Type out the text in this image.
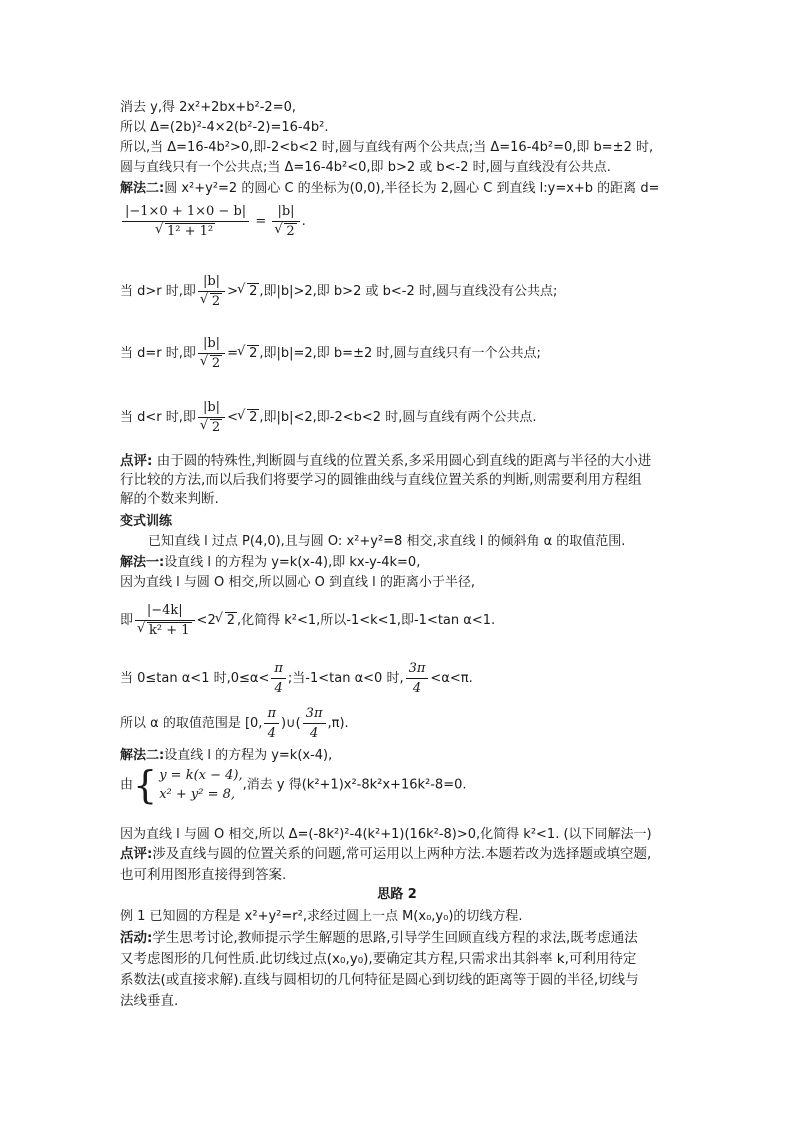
消去 y,得 2x²+2bx+b²-2=0,
所以 Δ=(2b)²-4×2(b²-2)=16-4b².
所以,当 Δ=16-4b²>0,即-2<b<2 时,圆与直线有两个公共点;当 Δ=16-4b²=0,即 b=±2 时,
圆与直线只有一个公共点;当 Δ=16-4b²<0,即 b>2 或 b<-2 时,圆与直线没有公共点.
解法二:圆 x²+y²=2 的圆心 C 的坐标为(0,0),半径长为 2,圆心 C 到直线 l:y=x+b 的距离 d=
|−1×0 + 1×0 − b|
√ 1² + 1² = |b|
√ 2 .
当 d>r 时,即 |b|
√ 2 > √ 2 ,即|b|>2,即 b>2 或 b<-2 时,圆与直线没有公共点;
当 d=r 时,即 |b|
√ 2 = √ 2 ,即|b|=2,即 b=±2 时,圆与直线只有一个公共点;
当 d<r 时,即 |b|
√ 2 < √ 2 ,即|b|<2,即-2<b<2 时,圆与直线有两个公共点.
点评: 由于圆的特殊性,判断圆与直线的位置关系,多采用圆心到直线的距离与半径的大小进
行比较的方法,而以后我们将要学习的圆锥曲线与直线位置关系的判断,则需要利用方程组
解的个数来判断.
变式训练
已知直线 l 过点 P(4,0),且与圆 O: x²+y²=8 相交,求直线 l 的倾斜角 α 的取值范围.
解法一:设直线 l 的方程为 y=k(x-4),即 kx-y-4k=0,
因为直线 l 与圆 O 相交,所以圆心 O 到直线 l 的距离小于半径,
即 |−4k|
√ k² + 1 <2 √ 2 ,化简得 k²<1,所以-1<k<1,即-1<tan α<1.
当 0≤tan α<1 时$,0\le\alpha< \frac{\pi}{4}$ ;当-1<tan α<0 时, $\frac{3\pi}{4} <\alpha<\pi$.
所以 α 的取值范围是 [0, $\frac{\pi}{4}$ )∪( $\frac{3\pi}{4} ,\pi$).
解法二:设直线 l 的方程为 y=k(x-4),
由{ y = k(x − 4),
x² + y² = 8,
,消去 y 得(k²+1)x²-8k²x+16k²-8=0.
因为直线 l 与圆 O 相交,所以 Δ=(-8k²)²-4(k²+1)(16k²-8)>0,化简得 k²<1. (以下同解法一)
点评:涉及直线与圆的位置关系的问题,常可运用以上两种方法.本题若改为选择题或填空题,
也可利用图形直接得到答案.
思路 2
例 1 已知圆的方程是 x²+y²=r²,求经过圆上一点 M(x₀,y₀)的切线方程.
活动:学生思考讨论,教师提示学生解题的思路,引导学生回顾直线方程的求法,既考虑通法
又考虑图形的几何性质.此切线过点(x₀,y₀),要确定其方程,只需求出其斜率 k,可利用待定
系数法(或直接求解).直线与圆相切的几何特征是圆心到切线的距离等于圆的半径,切线与
法线垂直.
